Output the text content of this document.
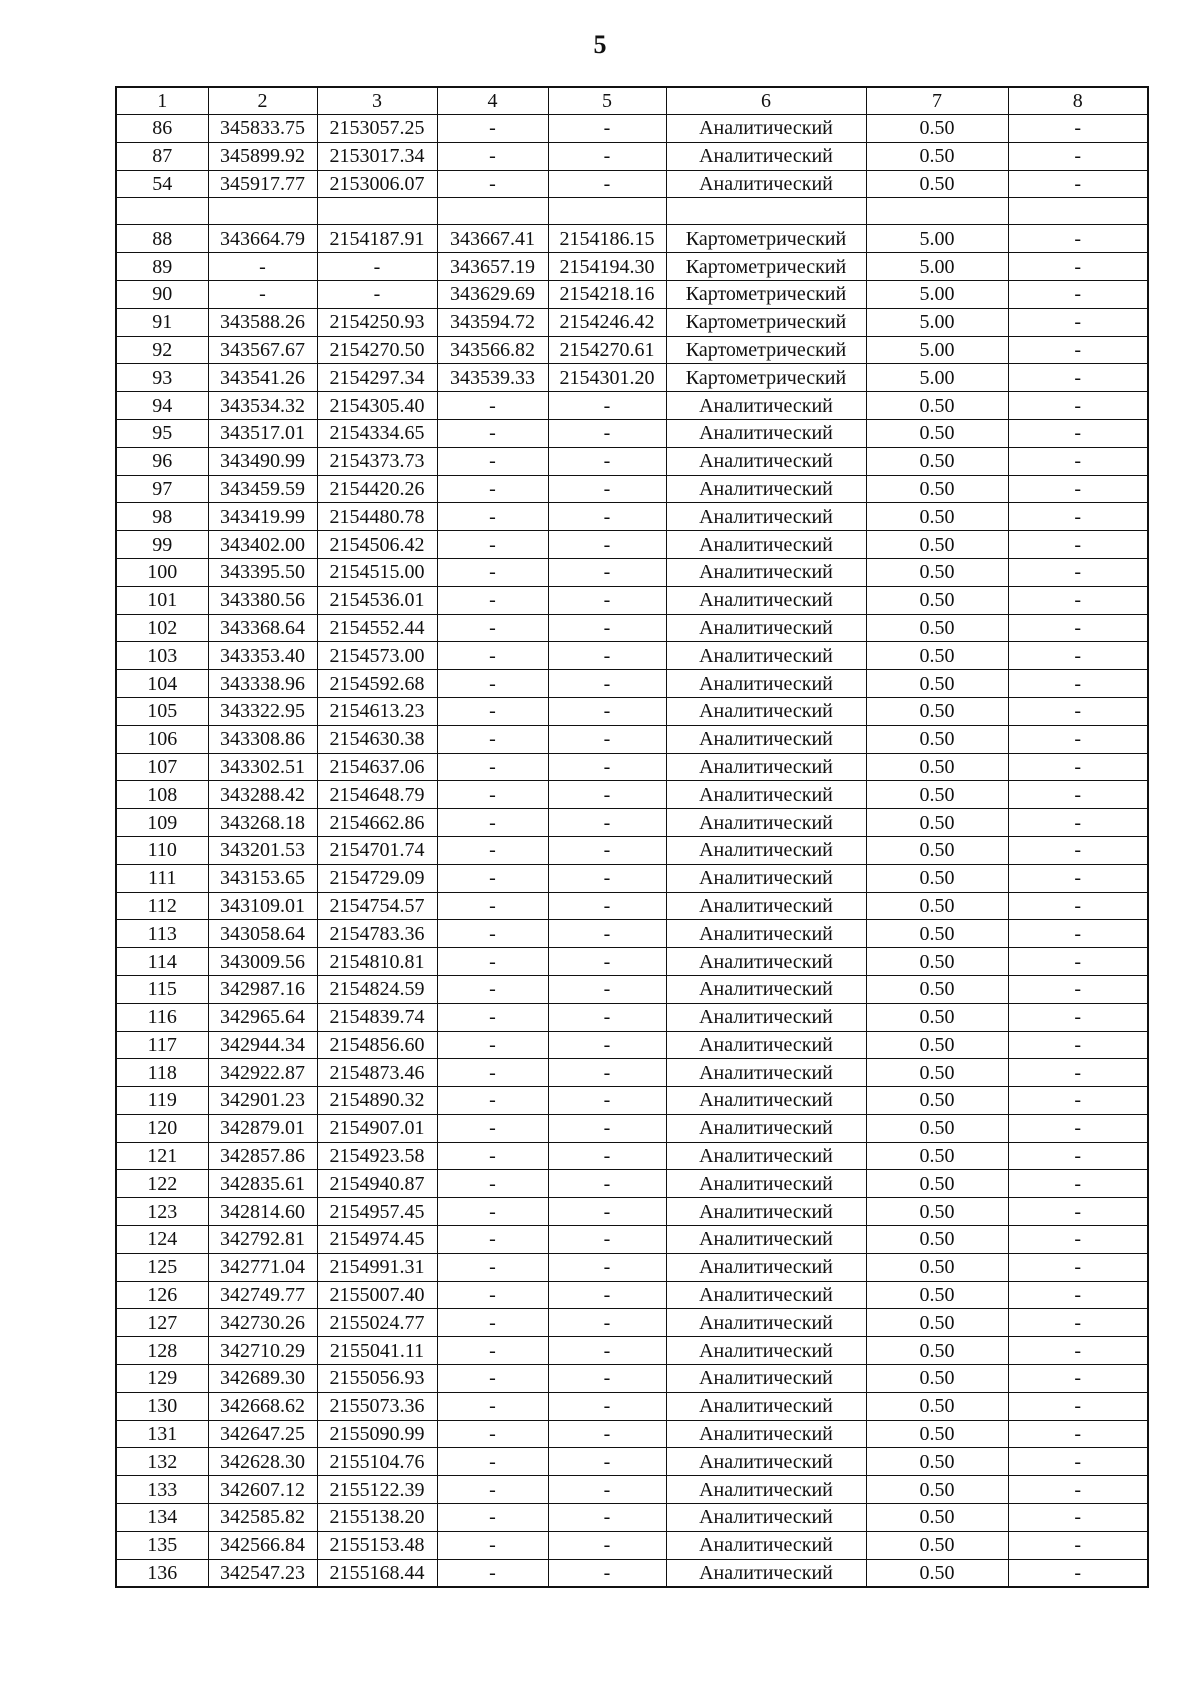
5
1	2	3	4	5	6	7	8
86	345833.75	2153057.25	-	-	Аналитический	0.50	-
87	345899.92	2153017.34	-	-	Аналитический	0.50	-
54	345917.77	2153006.07	-	-	Аналитический	0.50	-

88	343664.79	2154187.91	343667.41	2154186.15	Картометрический	5.00	-
89	-	-	343657.19	2154194.30	Картометрический	5.00	-
90	-	-	343629.69	2154218.16	Картометрический	5.00	-
91	343588.26	2154250.93	343594.72	2154246.42	Картометрический	5.00	-
92	343567.67	2154270.50	343566.82	2154270.61	Картометрический	5.00	-
93	343541.26	2154297.34	343539.33	2154301.20	Картометрический	5.00	-
94	343534.32	2154305.40	-	-	Аналитический	0.50	-
95	343517.01	2154334.65	-	-	Аналитический	0.50	-
96	343490.99	2154373.73	-	-	Аналитический	0.50	-
97	343459.59	2154420.26	-	-	Аналитический	0.50	-
98	343419.99	2154480.78	-	-	Аналитический	0.50	-
99	343402.00	2154506.42	-	-	Аналитический	0.50	-
100	343395.50	2154515.00	-	-	Аналитический	0.50	-
101	343380.56	2154536.01	-	-	Аналитический	0.50	-
102	343368.64	2154552.44	-	-	Аналитический	0.50	-
103	343353.40	2154573.00	-	-	Аналитический	0.50	-
104	343338.96	2154592.68	-	-	Аналитический	0.50	-
105	343322.95	2154613.23	-	-	Аналитический	0.50	-
106	343308.86	2154630.38	-	-	Аналитический	0.50	-
107	343302.51	2154637.06	-	-	Аналитический	0.50	-
108	343288.42	2154648.79	-	-	Аналитический	0.50	-
109	343268.18	2154662.86	-	-	Аналитический	0.50	-
110	343201.53	2154701.74	-	-	Аналитический	0.50	-
111	343153.65	2154729.09	-	-	Аналитический	0.50	-
112	343109.01	2154754.57	-	-	Аналитический	0.50	-
113	343058.64	2154783.36	-	-	Аналитический	0.50	-
114	343009.56	2154810.81	-	-	Аналитический	0.50	-
115	342987.16	2154824.59	-	-	Аналитический	0.50	-
116	342965.64	2154839.74	-	-	Аналитический	0.50	-
117	342944.34	2154856.60	-	-	Аналитический	0.50	-
118	342922.87	2154873.46	-	-	Аналитический	0.50	-
119	342901.23	2154890.32	-	-	Аналитический	0.50	-
120	342879.01	2154907.01	-	-	Аналитический	0.50	-
121	342857.86	2154923.58	-	-	Аналитический	0.50	-
122	342835.61	2154940.87	-	-	Аналитический	0.50	-
123	342814.60	2154957.45	-	-	Аналитический	0.50	-
124	342792.81	2154974.45	-	-	Аналитический	0.50	-
125	342771.04	2154991.31	-	-	Аналитический	0.50	-
126	342749.77	2155007.40	-	-	Аналитический	0.50	-
127	342730.26	2155024.77	-	-	Аналитический	0.50	-
128	342710.29	2155041.11	-	-	Аналитический	0.50	-
129	342689.30	2155056.93	-	-	Аналитический	0.50	-
130	342668.62	2155073.36	-	-	Аналитический	0.50	-
131	342647.25	2155090.99	-	-	Аналитический	0.50	-
132	342628.30	2155104.76	-	-	Аналитический	0.50	-
133	342607.12	2155122.39	-	-	Аналитический	0.50	-
134	342585.82	2155138.20	-	-	Аналитический	0.50	-
135	342566.84	2155153.48	-	-	Аналитический	0.50	-
136	342547.23	2155168.44	-	-	Аналитический	0.50	-
